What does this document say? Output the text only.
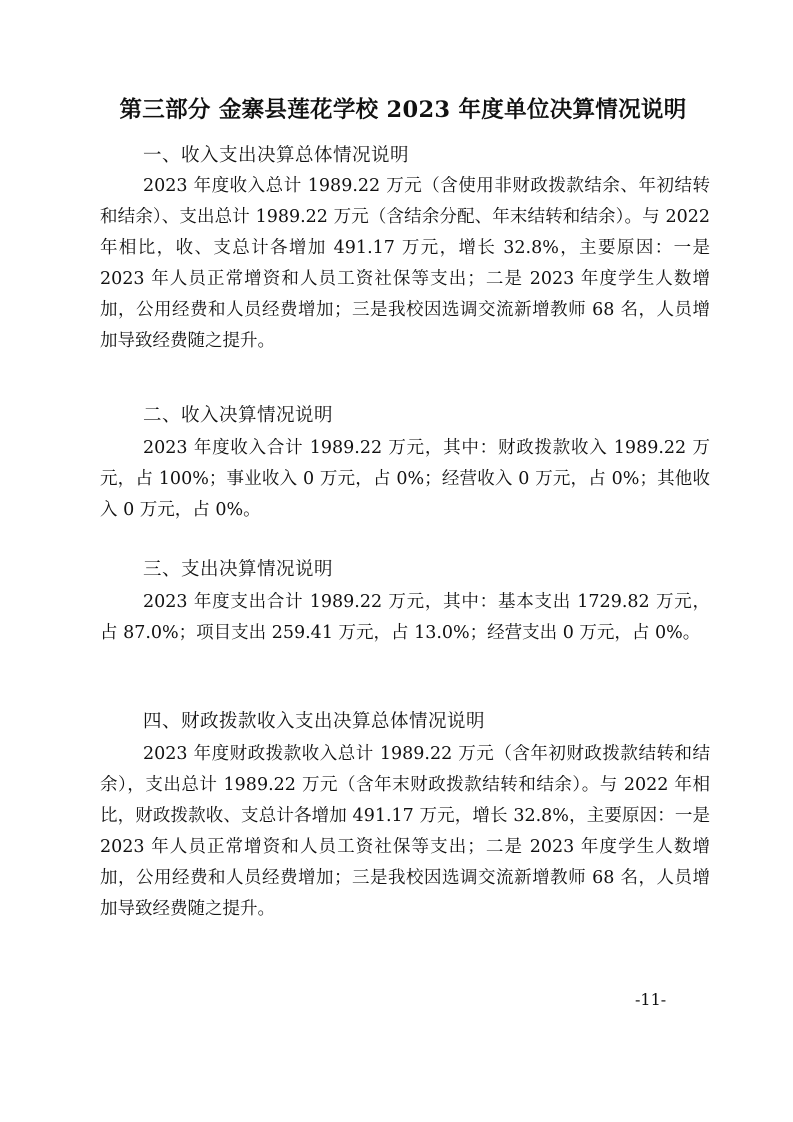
第三部分 金寨县莲花学校 2023 年度单位决算情况说明
一、收入支出决算总体情况说明
2023 年度收入总计 1989.22 万元（含使用非财政拨款结余、年初结转和结余）、支出总计 1989.22 万元（含结余分配、年末结转和结余）。与 2022 年相比，收、支总计各增加 491.17 万元，增长 32.8%，主要原因：一是 2023 年人员正常增资和人员工资社保等支出；二是 2023 年度学生人数增加，公用经费和人员经费增加；三是我校因选调交流新增教师 68 名，人员增加导致经费随之提升。
二、收入决算情况说明
2023 年度收入合计 1989.22 万元，其中：财政拨款收入 1989.22 万元，占 100%；事业收入 0 万元，占 0%；经营收入 0 万元，占 0%；其他收入 0 万元，占 0%。
三、支出决算情况说明
2023 年度支出合计 1989.22 万元，其中：基本支出 1729.82 万元，占 87.0%；项目支出 259.41 万元，占 13.0%；经营支出 0 万元，占 0%。
四、财政拨款收入支出决算总体情况说明
2023 年度财政拨款收入总计 1989.22 万元（含年初财政拨款结转和结余），支出总计 1989.22 万元（含年末财政拨款结转和结余）。与 2022 年相比，财政拨款收、支总计各增加 491.17 万元，增长 32.8%，主要原因：一是 2023 年人员正常增资和人员工资社保等支出；二是 2023 年度学生人数增加，公用经费和人员经费增加；三是我校因选调交流新增教师 68 名，人员增加导致经费随之提升。
-11-
